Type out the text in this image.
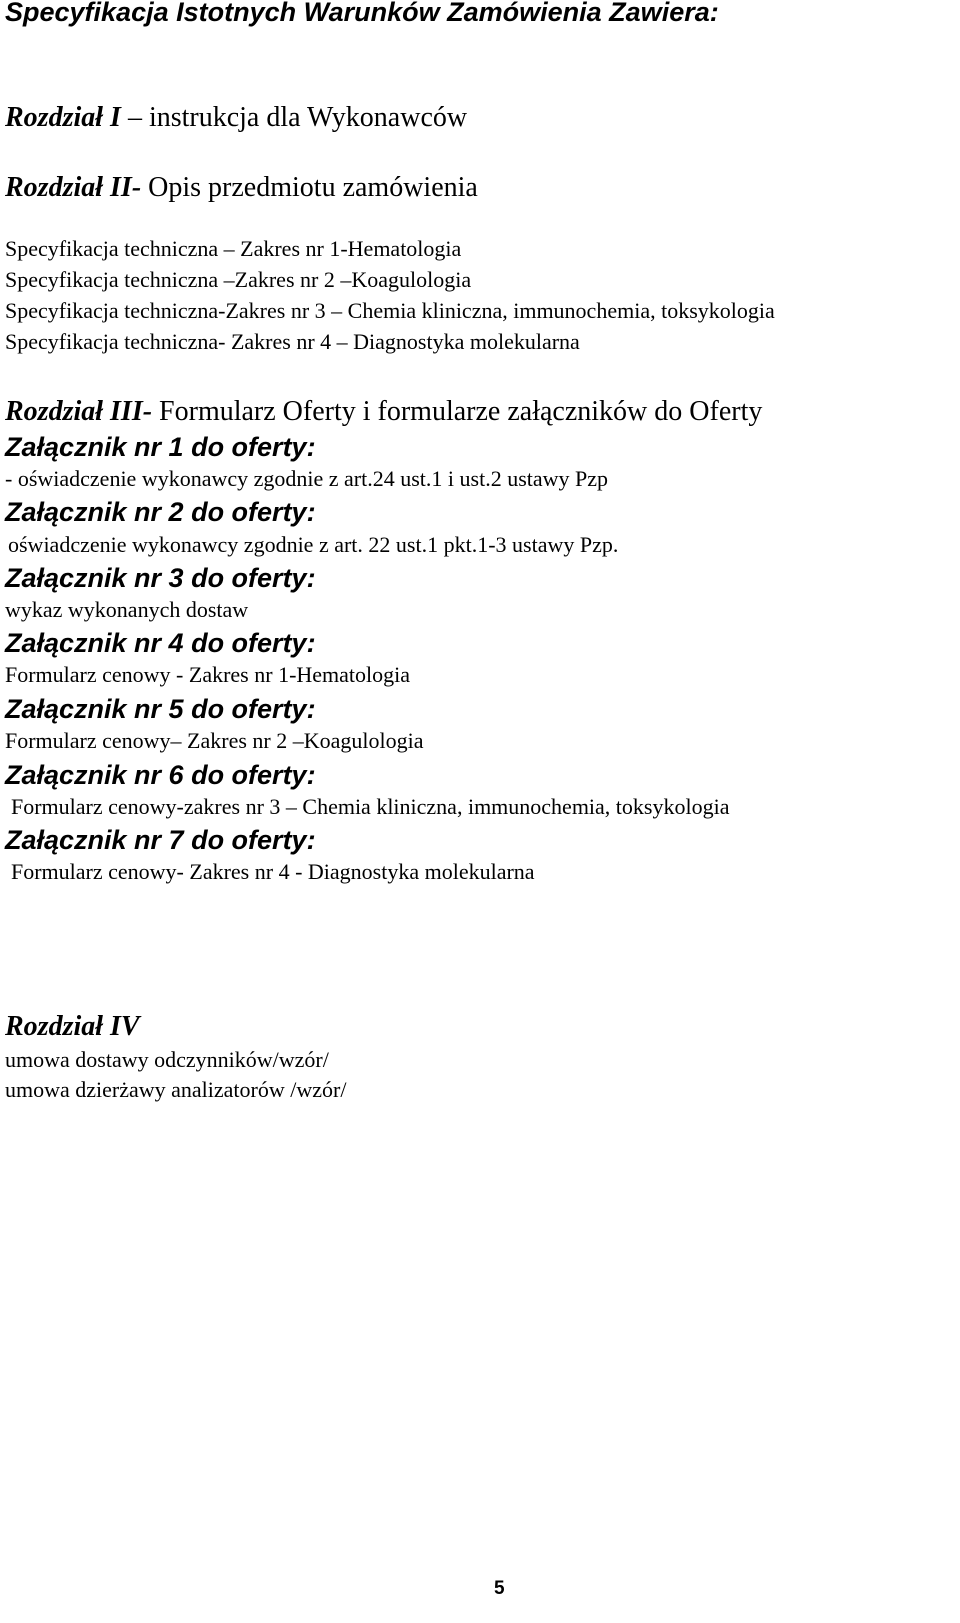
Specyfikacja Istotnych Warunków Zamówienia Zawiera:
Rozdział I – instrukcja dla Wykonawców
Rozdział II- Opis przedmiotu zamówienia
Specyfikacja techniczna – Zakres nr 1-Hematologia
Specyfikacja techniczna –Zakres nr 2 –Koagulologia
Specyfikacja techniczna-Zakres nr 3 – Chemia kliniczna, immunochemia, toksykologia
Specyfikacja techniczna- Zakres nr 4 – Diagnostyka molekularna
Rozdział III- Formularz Oferty i formularze załączników do Oferty
Załącznik nr 1 do oferty:
- oświadczenie wykonawcy zgodnie z art.24 ust.1 i ust.2 ustawy Pzp
Załącznik nr 2 do oferty:
oświadczenie wykonawcy zgodnie z art. 22 ust.1 pkt.1-3 ustawy Pzp.
Załącznik nr 3 do oferty:
wykaz wykonanych dostaw
Załącznik nr 4 do oferty:
Formularz cenowy - Zakres nr 1-Hematologia
Załącznik nr 5 do oferty:
Formularz cenowy– Zakres nr 2 –Koagulologia
Załącznik nr 6 do oferty:
Formularz cenowy-zakres nr 3 – Chemia kliniczna, immunochemia, toksykologia
Załącznik nr 7 do oferty:
Formularz cenowy- Zakres nr 4 - Diagnostyka molekularna
Rozdział IV
umowa dostawy odczynników/wzór/
umowa dzierżawy analizatorów /wzór/
5
